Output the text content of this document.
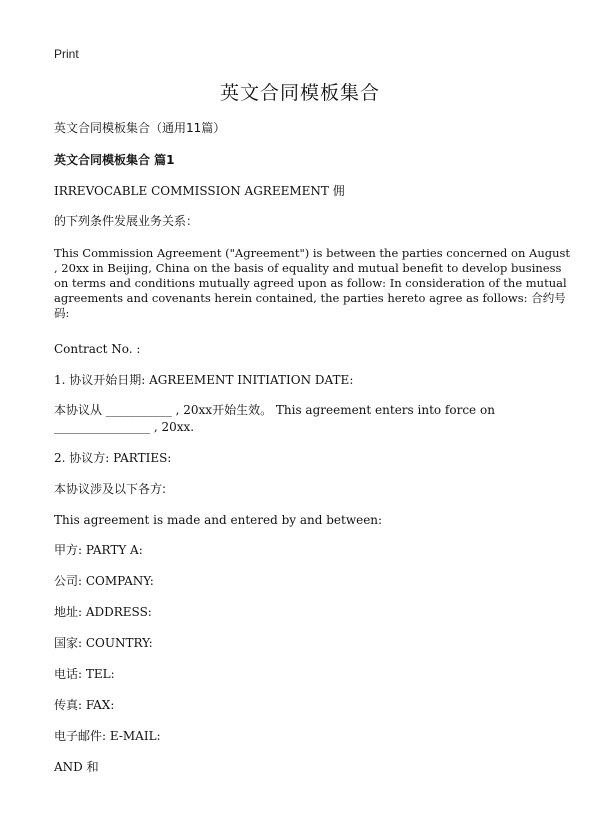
Print
英文合同模板集合
英文合同模板集合（通用11篇）
英文合同模板集合 篇1
IRREVOCABLE COMMISSION AGREEMENT 佣
的下列条件发展业务关系：
This Commission Agreement ("Agreement") is between the parties concerned on August
, 20xx in Beijing, China on the basis of equality and mutual benefit to develop business
on terms and conditions mutually agreed upon as follow: In consideration of the mutual
agreements and covenants herein contained, the parties hereto agree as follows: 合约号
码:
Contract No. :
1. 协议开始日期: AGREEMENT INITIATION DATE:
本协议从 ___________ , 20xx开始生效。 This agreement enters into force on
________________ , 20xx.
2. 协议方: PARTIES:
本协议涉及以下各方:
This agreement is made and entered by and between:
甲方: PARTY A:
公司: COMPANY:
地址: ADDRESS:
国家: COUNTRY:
电话: TEL:
传真: FAX:
电子邮件: E-MAIL:
AND 和
